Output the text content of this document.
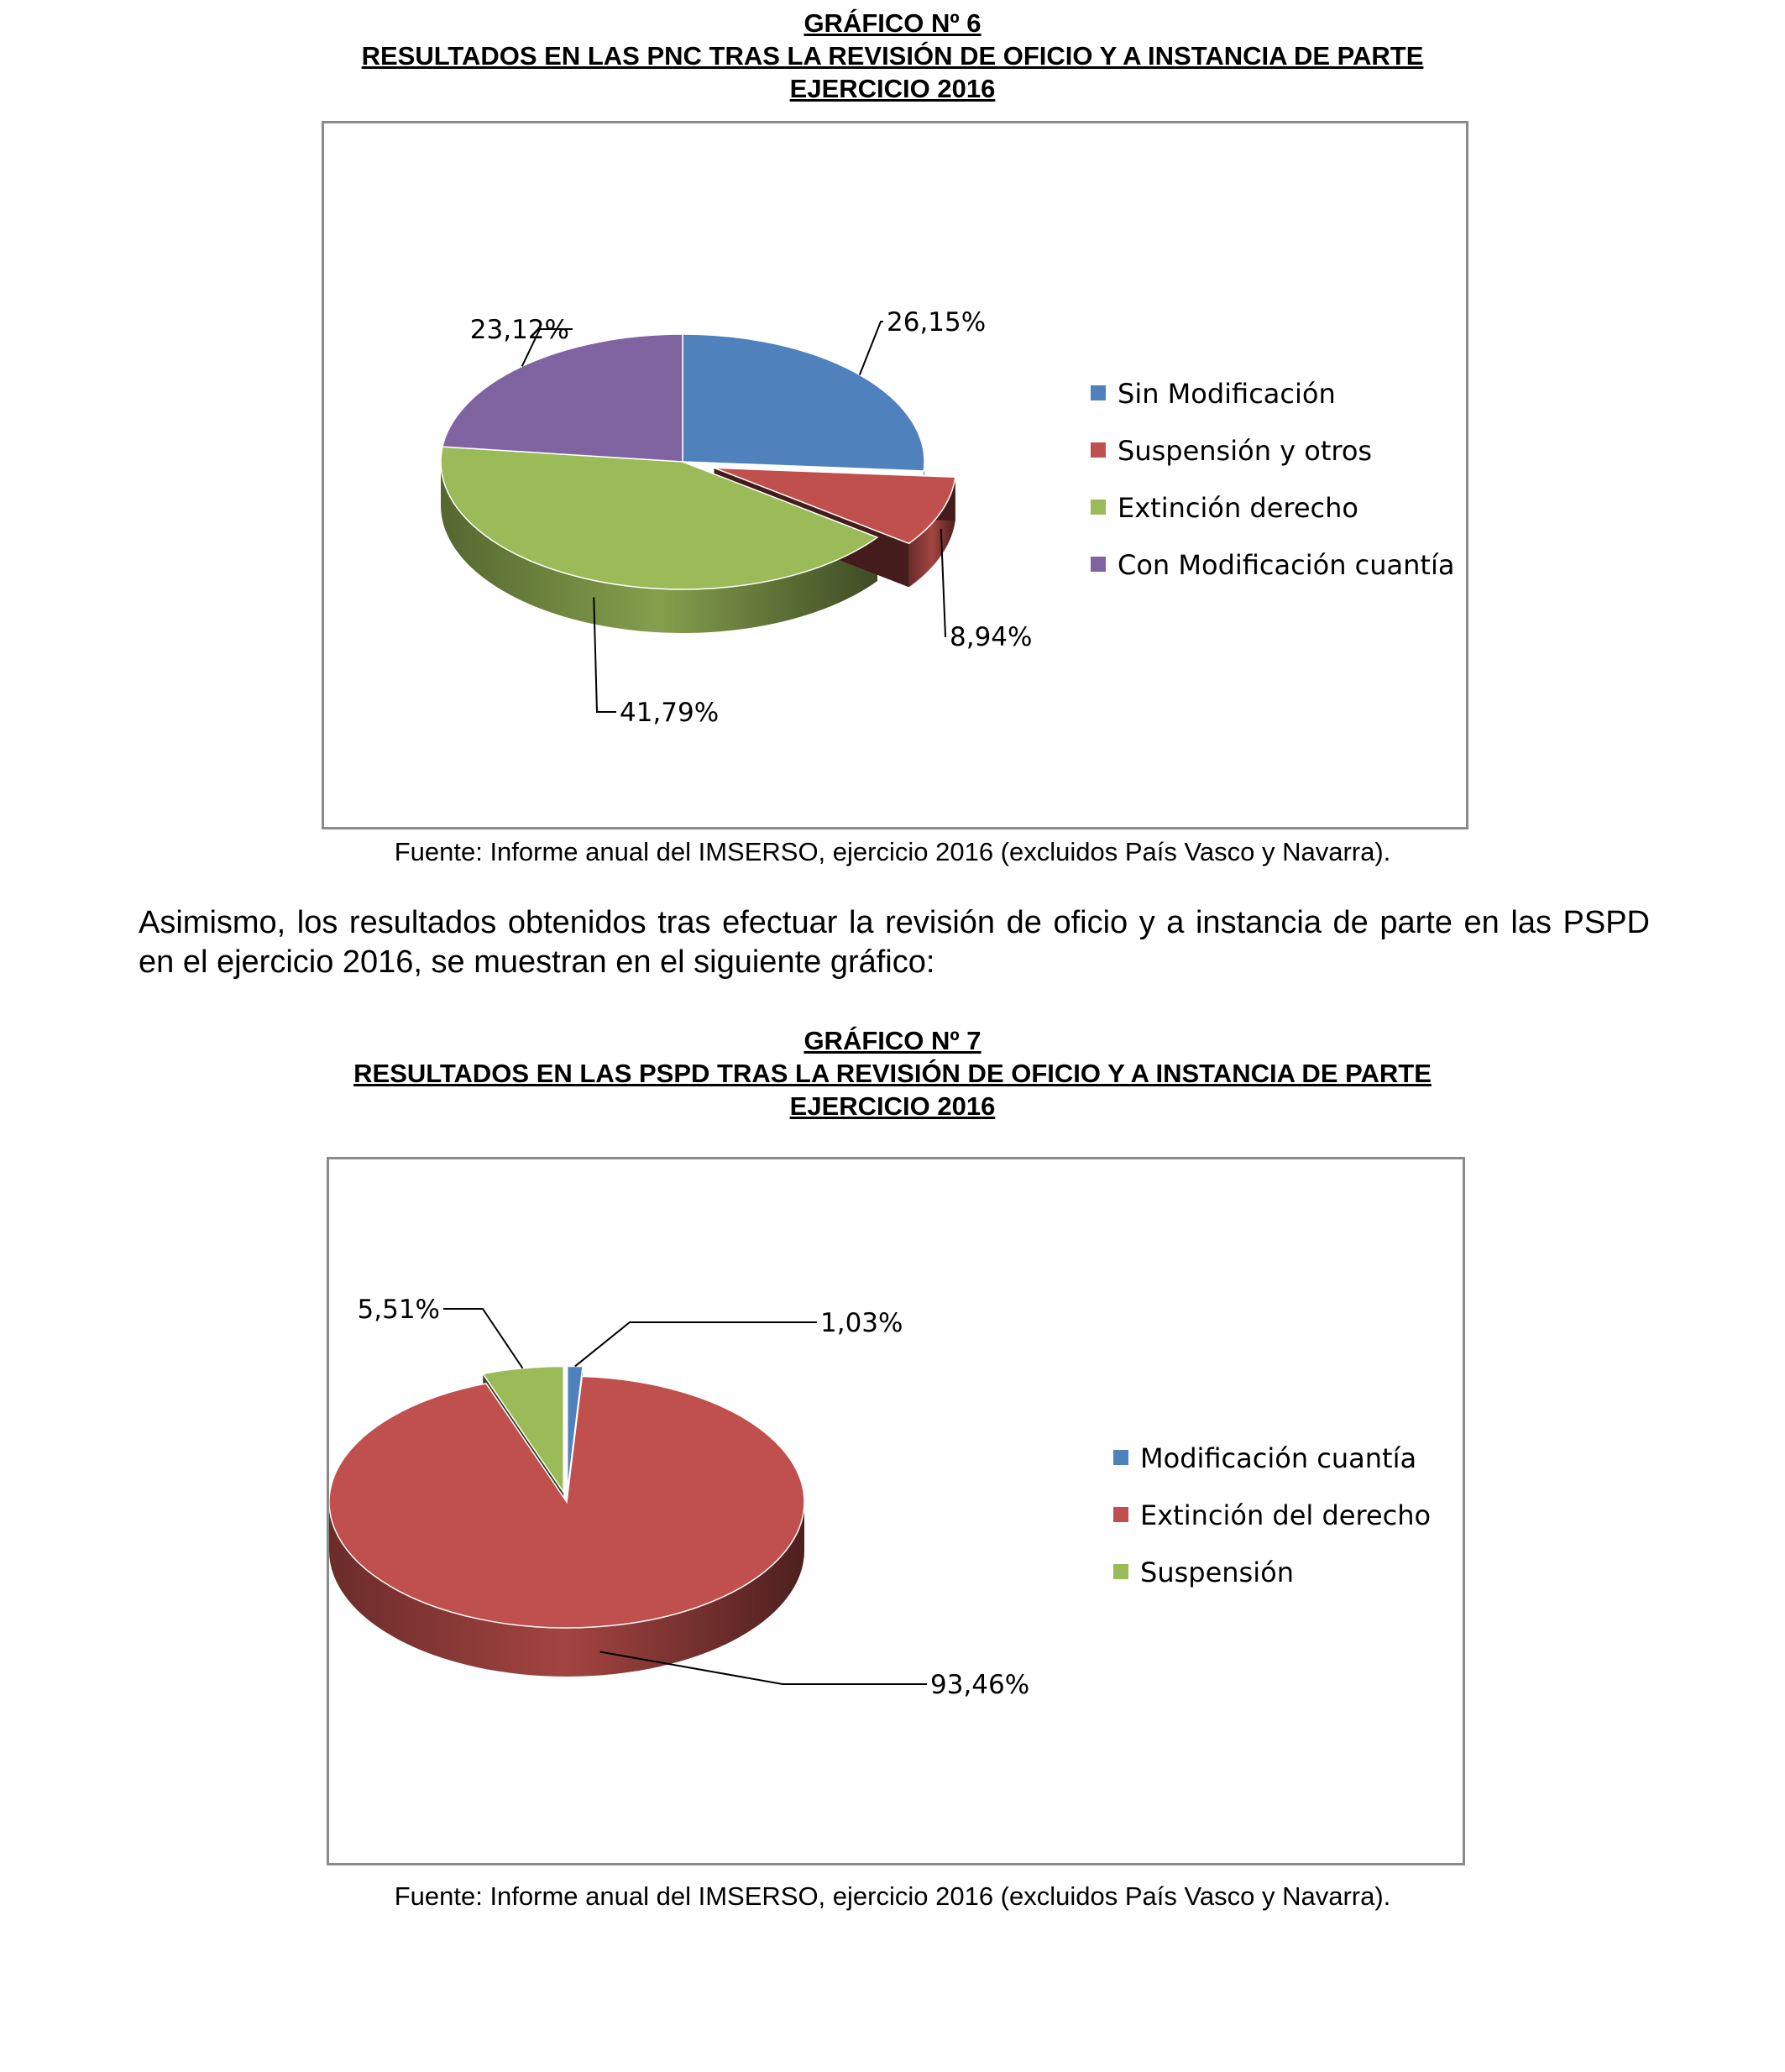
GRÁFICO Nº 6
RESULTADOS EN LAS PNC TRAS LA REVISIÓN DE OFICIO Y A INSTANCIA DE PARTE
EJERCICIO 2016
26,15%
8,94%
41,79%
23,12%
Sin Modificación
Suspensión y otros
Extinción derecho
Con Modificación cuantía
Fuente: Informe anual del IMSERSO, ejercicio 2016 (excluidos País Vasco y Navarra).
Asimismo, los resultados obtenidos tras efectuar la revisión de oficio y a instancia de parte en las PSPD en el ejercicio 2016, se muestran en el siguiente gráfico:
GRÁFICO Nº 7
RESULTADOS EN LAS PSPD TRAS LA REVISIÓN DE OFICIO Y A INSTANCIA DE PARTE
EJERCICIO 2016
1,03%
93,46%
5,51%
Modificación cuantía
Extinción del derecho
Suspensión
Fuente: Informe anual del IMSERSO, ejercicio 2016 (excluidos País Vasco y Navarra).
